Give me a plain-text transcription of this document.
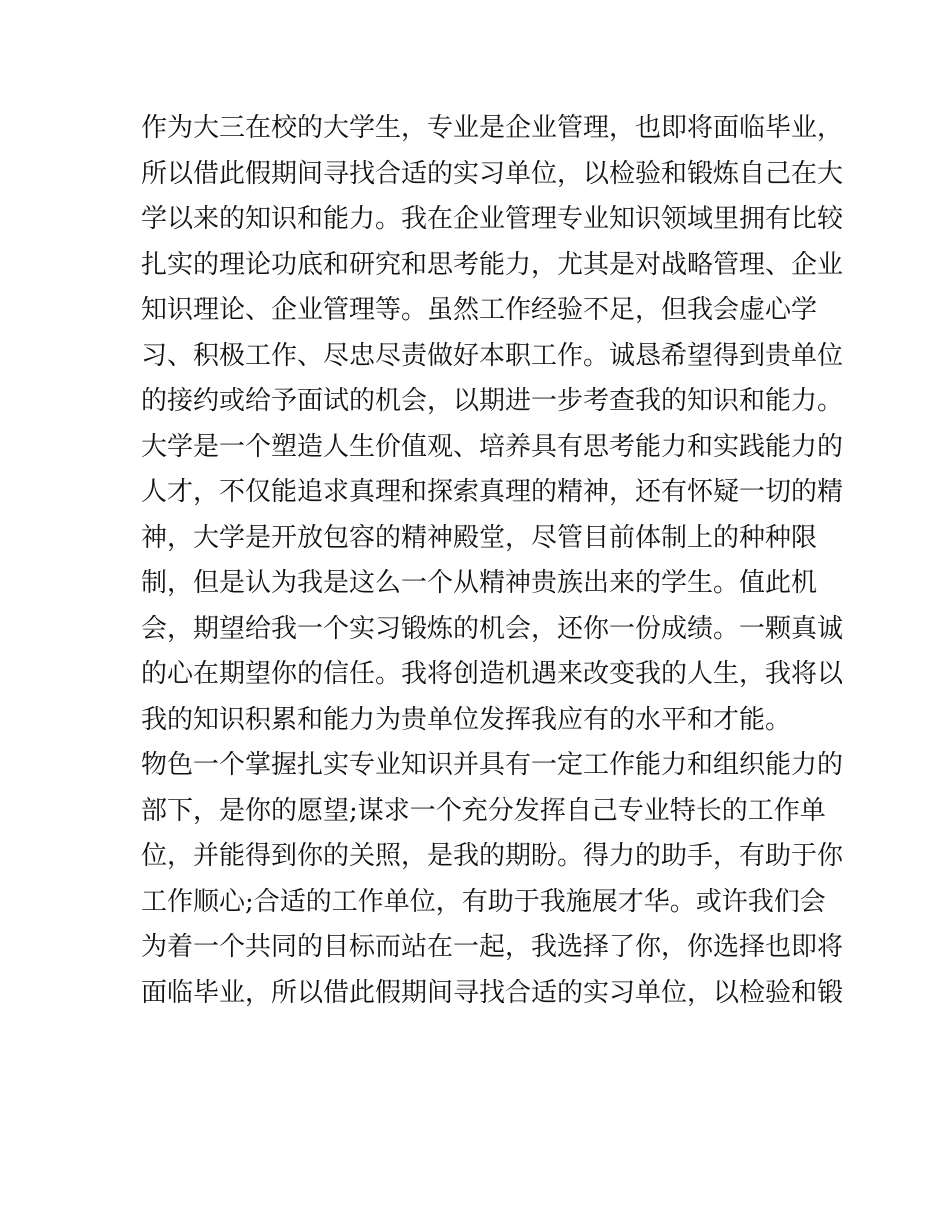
作为大三在校的大学生，专业是企业管理，也即将面临毕业，
所以借此假期间寻找合适的实习单位，以检验和锻炼自己在大
学以来的知识和能力。我在企业管理专业知识领域里拥有比较
扎实的理论功底和研究和思考能力，尤其是对战略管理、企业
知识理论、企业管理等。虽然工作经验不足，但我会虚心学
习、积极工作、尽忠尽责做好本职工作。诚恳希望得到贵单位
的接约或给予面试的机会，以期进一步考查我的知识和能力。
大学是一个塑造人生价值观、培养具有思考能力和实践能力的
人才，不仅能追求真理和探索真理的精神，还有怀疑一切的精
神，大学是开放包容的精神殿堂，尽管目前体制上的种种限
制，但是认为我是这么一个从精神贵族出来的学生。值此机
会，期望给我一个实习锻炼的机会，还你一份成绩。一颗真诚
的心在期望你的信任。我将创造机遇来改变我的人生，我将以
我的知识积累和能力为贵单位发挥我应有的水平和才能。
物色一个掌握扎实专业知识并具有一定工作能力和组织能力的
部下，是你的愿望;谋求一个充分发挥自己专业特长的工作单
位，并能得到你的关照，是我的期盼。得力的助手，有助于你
工作顺心;合适的工作单位，有助于我施展才华。或许我们会
为着一个共同的目标而站在一起，我选择了你，你选择也即将
面临毕业，所以借此假期间寻找合适的实习单位，以检验和锻
